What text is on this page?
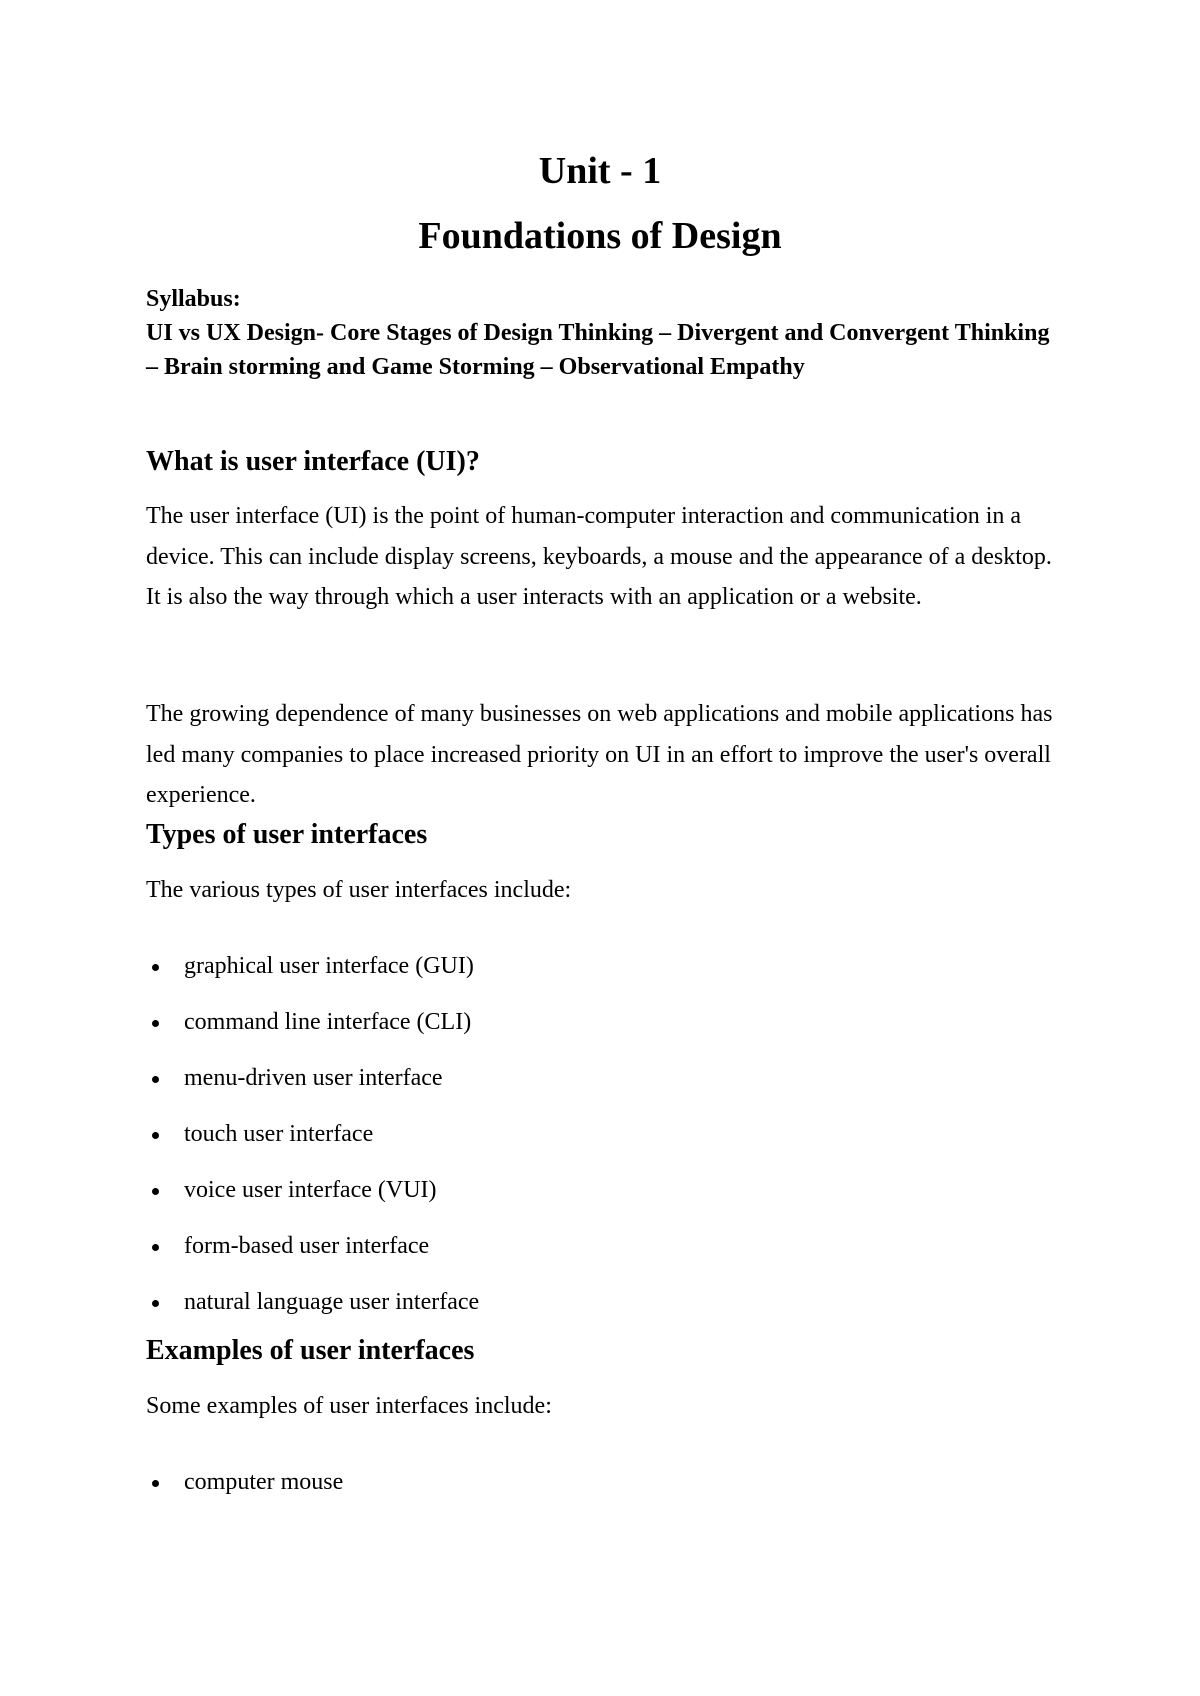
Unit - 1
Foundations of Design
Syllabus:
UI vs UX Design- Core Stages of Design Thinking – Divergent and Convergent Thinking – Brain storming and Game Storming – Observational Empathy
What is user interface (UI)?

The user interface (UI) is the point of human-computer interaction and communication in a device. This can include display screens, keyboards, a mouse and the appearance of a desktop. It is also the way through which a user interacts with an application or a website.

The growing dependence of many businesses on web applications and mobile applications has led many companies to place increased priority on UI in an effort to improve the user's overall experience.

Types of user interfaces

The various types of user interfaces include:

graphical user interface (GUI)
command line interface (CLI)
menu-driven user interface
touch user interface
voice user interface (VUI)
form-based user interface
natural language user interface
Examples of user interfaces

Some examples of user interfaces include:

computer mouse
